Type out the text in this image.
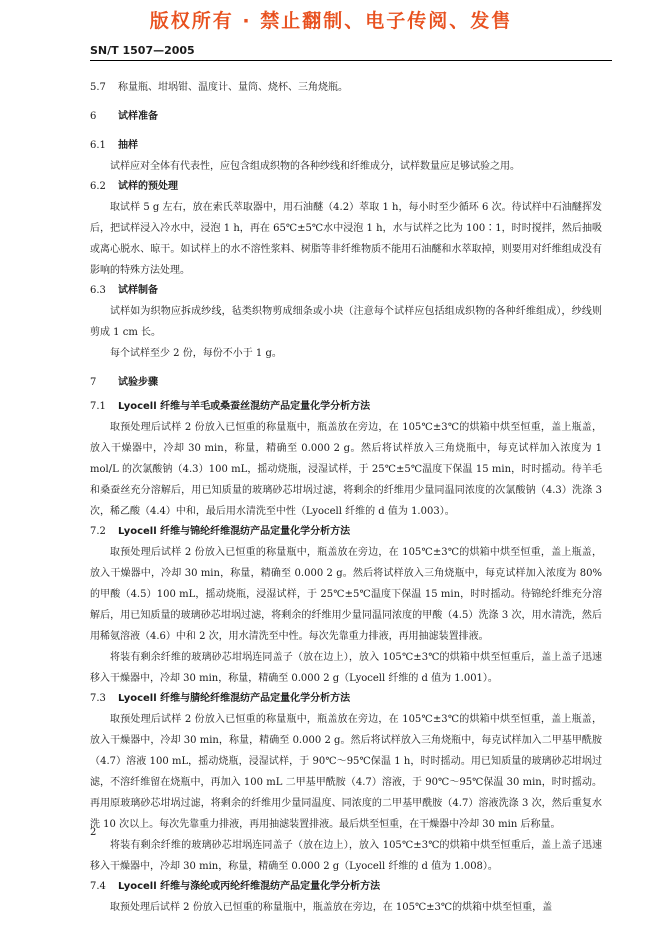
版权所有 · 禁止翻制、电子传阅、发售
SN/T 1507—2005
5.7 称量瓶、坩埚钳、温度计、量筒、烧杯、三角烧瓶。
6 试样准备
6.1 抽样
试样应对全体有代表性，应包含组成织物的各种纱线和纤维成分，试样数量应足够试验之用。
6.2 试样的预处理
取试样 5 g 左右，放在索氏萃取器中，用石油醚（4.2）萃取 1 h，每小时至少循环 6 次。待试样中石油醚挥发后，把试样浸入冷水中，浸泡 1 h，再在 65℃±5℃水中浸泡 1 h，水与试样之比为 100∶1，时时搅拌，然后抽吸或离心脱水、晾干。如试样上的水不溶性浆料、树脂等非纤维物质不能用石油醚和水萃取掉，则要用对纤维组成没有影响的特殊方法处理。
6.3 试样制备
试样如为织物应拆成纱线，毡类织物剪成细条或小块（注意每个试样应包括组成织物的各种纤维组成），纱线则剪成 1 cm 长。
每个试样至少 2 份，每份不小于 1 g。
7 试验步骤
7.1 Lyocell 纤维与羊毛或桑蚕丝混纺产品定量化学分析方法
取预处理后试样 2 份放入已恒重的称量瓶中，瓶盖放在旁边，在 105℃±3℃的烘箱中烘至恒重，盖上瓶盖，放入干燥器中，冷却 30 min，称量，精确至 0.000 2 g。然后将试样放入三角烧瓶中，每克试样加入浓度为 1 mol/L 的次氯酸钠（4.3）100 mL，摇动烧瓶，浸湿试样，于 25℃±5℃温度下保温 15 min，时时摇动。待羊毛和桑蚕丝充分溶解后，用已知质量的玻璃砂芯坩埚过滤，将剩余的纤维用少量同温同浓度的次氯酸钠（4.3）洗涤 3 次，稀乙酸（4.4）中和，最后用水清洗至中性（Lyocell 纤维的 d 值为 1.003）。
7.2 Lyocell 纤维与锦纶纤维混纺产品定量化学分析方法
取预处理后试样 2 份放入已恒重的称量瓶中，瓶盖放在旁边，在 105℃±3℃的烘箱中烘至恒重，盖上瓶盖，放入干燥器中，冷却 30 min，称量，精确至 0.000 2 g。然后将试样放入三角烧瓶中，每克试样加入浓度为 80%的甲酸（4.5）100 mL，摇动烧瓶，浸湿试样，于 25℃±5℃温度下保温 15 min，时时摇动。待锦纶纤维充分溶解后，用已知质量的玻璃砂芯坩埚过滤，将剩余的纤维用少量同温同浓度的甲酸（4.5）洗涤 3 次，用水清洗，然后用稀氨溶液（4.6）中和 2 次，用水清洗至中性。每次先靠重力排液，再用抽滤装置排液。
将装有剩余纤维的玻璃砂芯坩埚连同盖子（放在边上），放入 105℃±3℃的烘箱中烘至恒重后，盖上盖子迅速移入干燥器中，冷却 30 min，称量，精确至 0.000 2 g（Lyocell 纤维的 d 值为 1.001）。
7.3 Lyocell 纤维与腈纶纤维混纺产品定量化学分析方法
取预处理后试样 2 份放入已恒重的称量瓶中，瓶盖放在旁边，在 105℃±3℃的烘箱中烘至恒重，盖上瓶盖，放入干燥器中，冷却 30 min，称量，精确至 0.000 2 g。然后将试样放入三角烧瓶中，每克试样加入二甲基甲酰胺（4.7）溶液 100 mL，摇动烧瓶，浸湿试样，于 90℃～95℃保温 1 h，时时摇动。用已知质量的玻璃砂芯坩埚过滤，不溶纤维留在烧瓶中，再加入 100 mL 二甲基甲酰胺（4.7）溶液，于 90℃～95℃保温 30 min，时时摇动。再用原玻璃砂芯坩埚过滤，将剩余的纤维用少量同温度、同浓度的二甲基甲酰胺（4.7）溶液洗涤 3 次，然后重复水洗 10 次以上。每次先靠重力排液，再用抽滤装置排液。最后烘至恒重，在干燥器中冷却 30 min 后称量。
将装有剩余纤维的玻璃砂芯坩埚连同盖子（放在边上），放入 105℃±3℃的烘箱中烘至恒重后，盖上盖子迅速移入干燥器中，冷却 30 min，称量，精确至 0.000 2 g（Lyocell 纤维的 d 值为 1.008）。
7.4 Lyocell 纤维与涤纶或丙纶纤维混纺产品定量化学分析方法
取预处理后试样 2 份放入已恒重的称量瓶中，瓶盖放在旁边，在 105℃±3℃的烘箱中烘至恒重，盖
2
